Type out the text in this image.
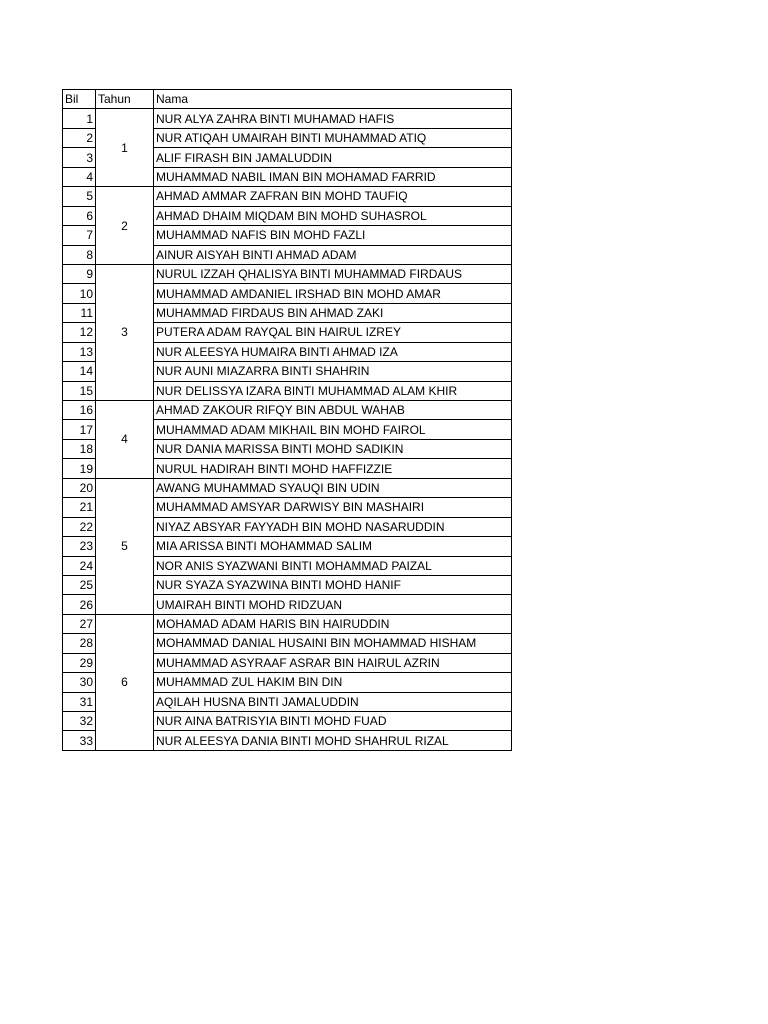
Bil	Tahun	Nama
1	1	NUR ALYA ZAHRA BINTI MUHAMAD HAFIS
2		NUR ATIQAH UMAIRAH BINTI MUHAMMAD ATIQ
3		ALIF FIRASH BIN JAMALUDDIN
4		MUHAMMAD NABIL IMAN BIN MOHAMAD FARRID
5	2	AHMAD AMMAR ZAFRAN BIN MOHD TAUFIQ
6		AHMAD DHAIM MIQDAM BIN MOHD SUHASROL
7		MUHAMMAD NAFIS BIN MOHD FAZLI
8		AINUR AISYAH BINTI AHMAD ADAM
9	3	NURUL IZZAH QHALISYA BINTI MUHAMMAD FIRDAUS
10		MUHAMMAD AMDANIEL IRSHAD BIN MOHD AMAR
11		MUHAMMAD FIRDAUS BIN AHMAD ZAKI
12		PUTERA ADAM RAYQAL BIN HAIRUL IZREY
13		NUR ALEESYA HUMAIRA BINTI AHMAD IZA
14		NUR AUNI MIAZARRA BINTI SHAHRIN
15		NUR DELISSYA IZARA BINTI MUHAMMAD ALAM KHIR
16	4	AHMAD ZAKOUR RIFQY BIN ABDUL WAHAB
17		MUHAMMAD ADAM MIKHAIL BIN MOHD FAIROL
18		NUR DANIA MARISSA BINTI MOHD SADIKIN
19		NURUL HADIRAH BINTI MOHD HAFFIZZIE
20	5	AWANG MUHAMMAD SYAUQI BIN UDIN
21		MUHAMMAD AMSYAR DARWISY BIN MASHAIRI
22		NIYAZ ABSYAR FAYYADH BIN MOHD NASARUDDIN
23		MIA ARISSA BINTI MOHAMMAD SALIM
24		NOR ANIS SYAZWANI BINTI MOHAMMAD PAIZAL
25		NUR SYAZA SYAZWINA BINTI MOHD HANIF
26		UMAIRAH BINTI MOHD RIDZUAN
27	6	MOHAMAD ADAM HARIS BIN HAIRUDDIN
28		MOHAMMAD DANIAL HUSAINI BIN MOHAMMAD HISHAM
29		MUHAMMAD ASYRAAF ASRAR BIN HAIRUL AZRIN
30		MUHAMMAD ZUL HAKIM BIN DIN
31		AQILAH HUSNA BINTI JAMALUDDIN
32		NUR AINA BATRISYIA BINTI MOHD FUAD
33		NUR ALEESYA DANIA BINTI MOHD SHAHRUL RIZAL
